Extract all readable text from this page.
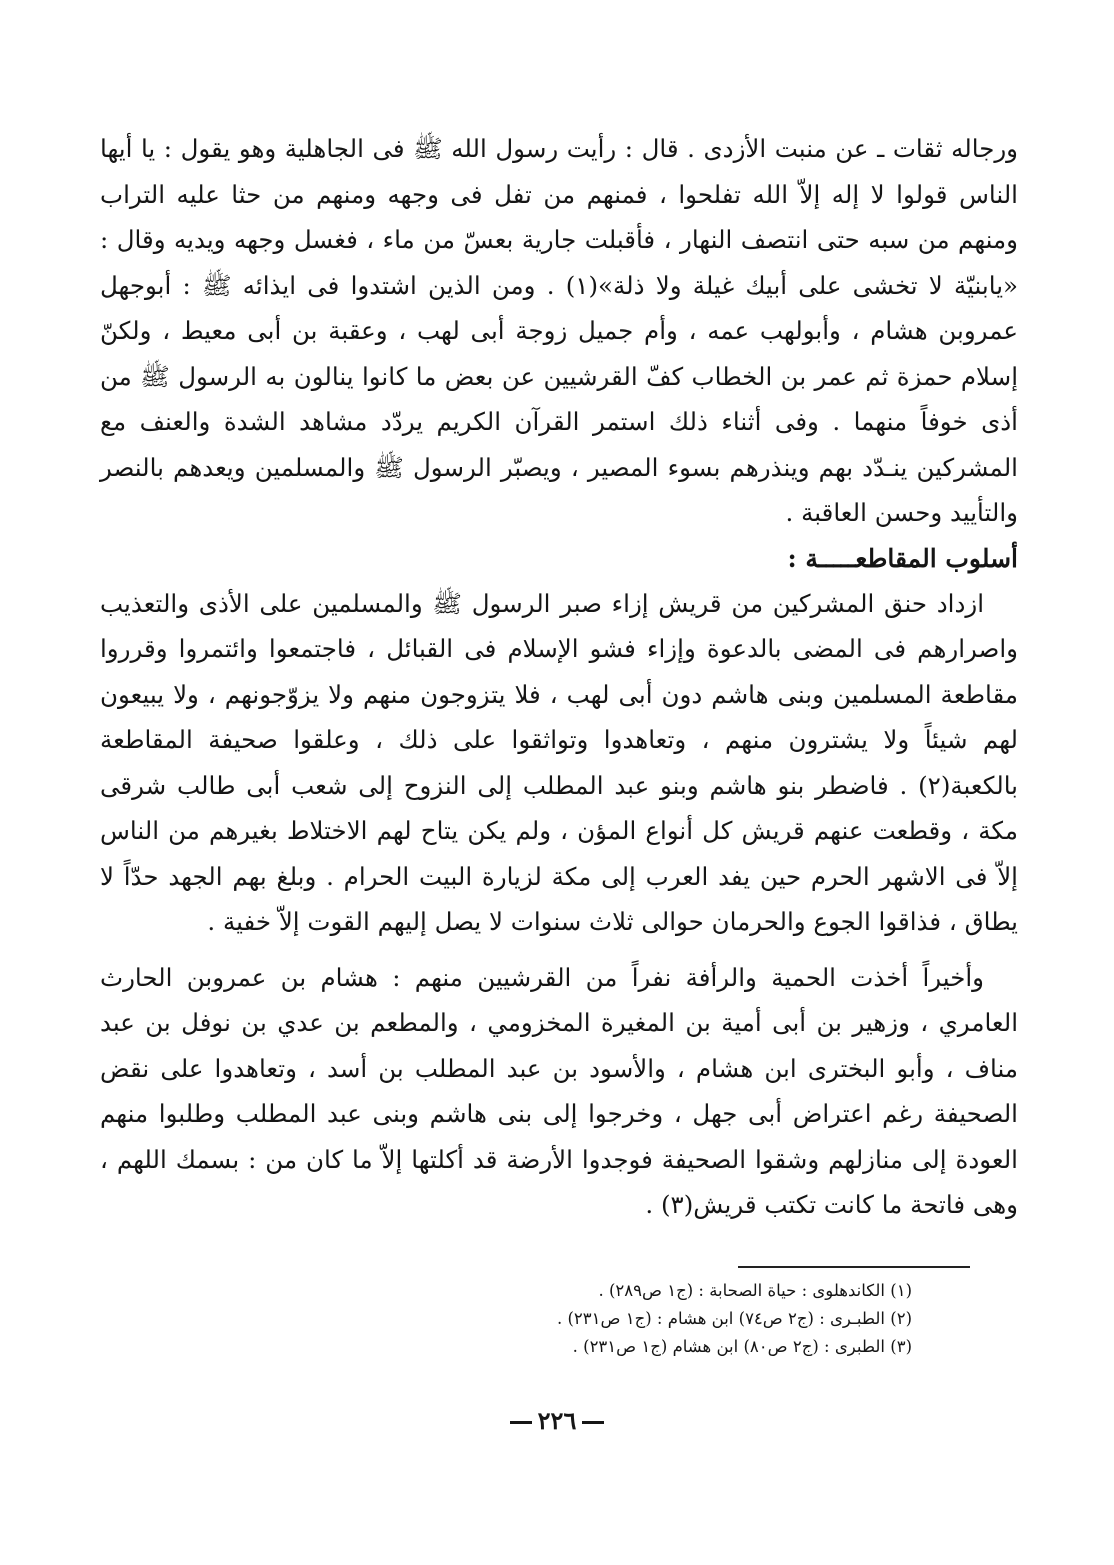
ورجاله ثقات ـ عن منبت الأزدى . قال : رأيت رسول الله ﷺ فى الجاهلية وهو يقول : يا أيها الناس قولوا لا إله إلاّ الله تفلحوا ، فمنهم من تفل فى وجهه ومنهم من حثا عليه التراب ومنهم من سبه حتى انتصف النهار ، فأقبلت جارية بعسّ من ماء ، فغسل وجهه ويديه وقال : «يابنيّة لا تخشى على أبيك غيلة ولا ذلة»(١) . ومن الذين اشتدوا فى ايذائه ﷺ : أبوجهل عمروبن هشام ، وأبولهب عمه ، وأم جميل زوجة أبى لهب ، وعقبة بن أبى معيط ، ولكنّ إسلام حمزة ثم عمر بن الخطاب كفّ القرشيين عن بعض ما كانوا ينالون به الرسول ﷺ من أذى خوفاً منهما . وفى أثناء ذلك استمر القرآن الكريم يردّد مشاهد الشدة والعنف مع المشركين ينـدّد بهم وينذرهم بسوء المصير ، ويصبّر الرسول ﷺ والمسلمين ويعدهم بالنصر والتأييد وحسن العاقبة .

أسلوب المقاطعـــــة :

ازداد حنق المشركين من قريش إزاء صبر الرسول ﷺ والمسلمين على الأذى والتعذيب واصرارهم فى المضى بالدعوة وإزاء فشو الإسلام فى القبائل ، فاجتمعوا وائتمروا وقرروا مقاطعة المسلمين وبنى هاشم دون أبى لهب ، فلا يتزوجون منهم ولا يزوّجونهم ، ولا يبيعون لهم شيئاً ولا يشترون منهم ، وتعاهدوا وتواثقوا على ذلك ، وعلقوا صحيفة المقاطعة بالكعبة(٢) . فاضطر بنو هاشم وبنو عبد المطلب إلى النزوح إلى شعب أبى طالب شرقى مكة ، وقطعت عنهم قريش كل أنواع المؤن ، ولم يكن يتاح لهم الاختلاط بغيرهم من الناس إلاّ فى الاشهر الحرم حين يفد العرب إلى مكة لزيارة البيت الحرام . وبلغ بهم الجهد حدّاً لا يطاق ، فذاقوا الجوع والحرمان حوالى ثلاث سنوات لا يصل إليهم القوت إلاّ خفية .

وأخيراً أخذت الحمية والرأفة نفراً من القرشيين منهم : هشام بن عمروبن الحارث العامري ، وزهير بن أبى أمية بن المغيرة المخزومي ، والمطعم بن عدي بن نوفل بن عبد مناف ، وأبو البخترى ابن هشام ، والأسود بن عبد المطلب بن أسد ، وتعاهدوا على نقض الصحيفة رغم اعتراض أبى جهل ، وخرجوا إلى بنى هاشم وبنى عبد المطلب وطلبوا منهم العودة إلى منازلهم وشقوا الصحيفة فوجدوا الأرضة قد أكلتها إلاّ ما كان من : بسمك اللهم ، وهى فاتحة ما كانت تكتب قريش(٣) .

(١) الكاندهلوى : حياة الصحابة : (ج١ ص٢٨٩) .

(٢) الطبـرى : (ج٢ ص٧٤) ابن هشام : (ج١ ص٢٣١) .

(٣) الطبرى : (ج٢ ص٨٠) ابن هشام (ج١ ص٢٣١) .

٢٢٦
